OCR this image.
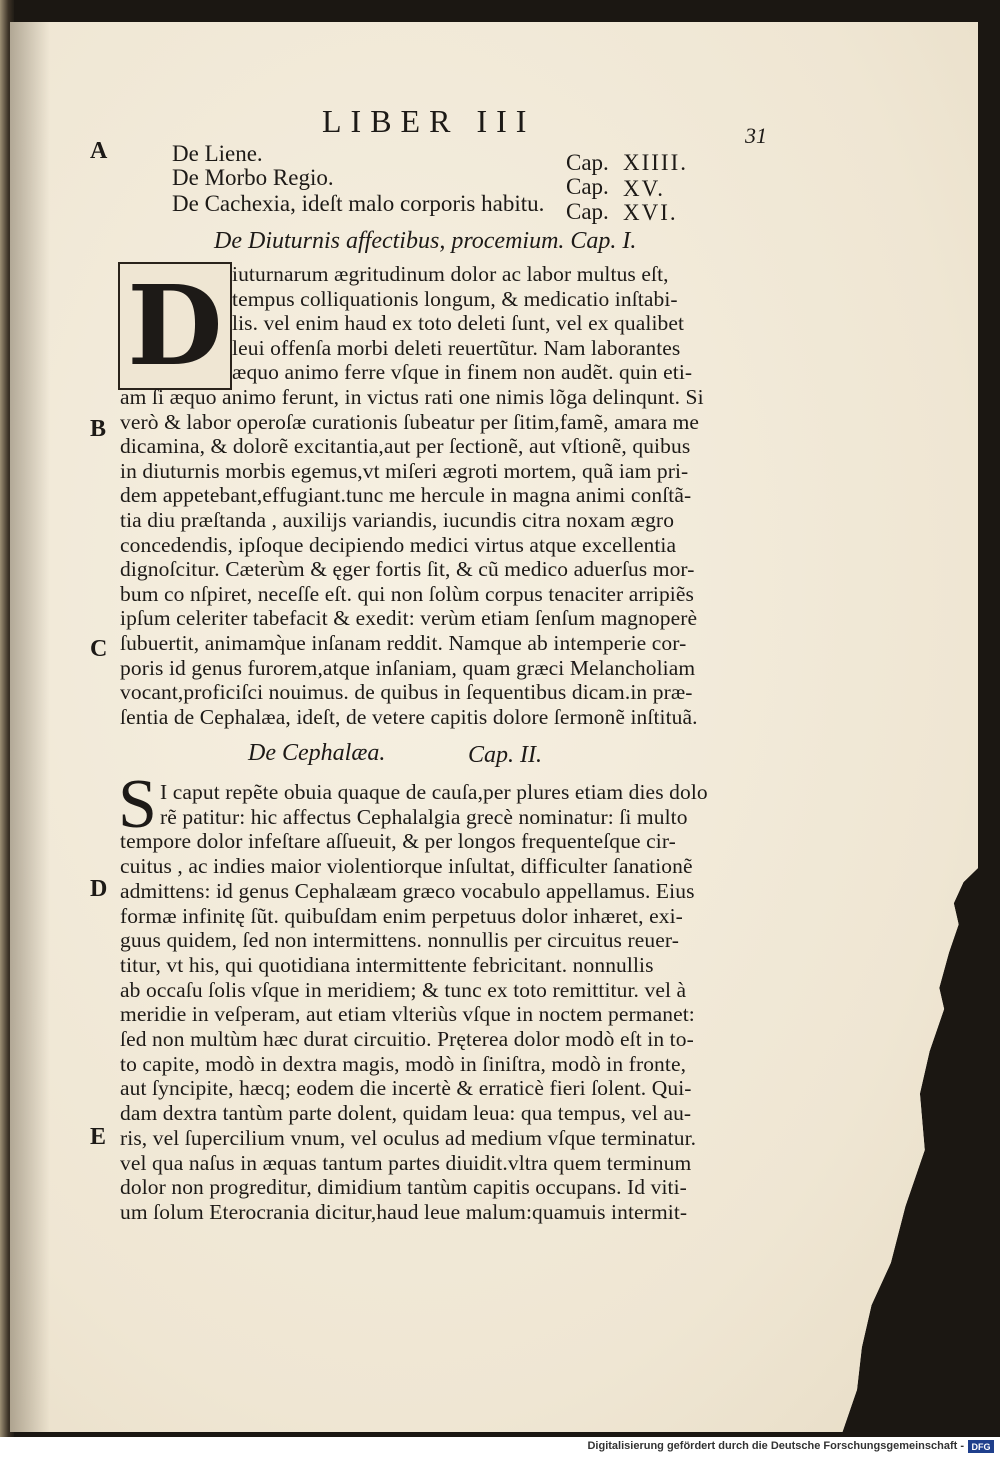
LIBER III	31
A	De Liene.	Cap. XIIII.
De Morbo Regio.	Cap. XV.
De Cachexia, ideſt malo corporis habitu. Cap. XVI.
De Diuturnis affectibus, procemium. Cap. I.
D iuturnarum ægritudinum dolor ac labor multus eſt,
tempus colliquationis longum, & medicatio inſtabi-
lis. vel enim haud ex toto deleti ſunt, vel ex qualibet
leui offenſa morbi deleti reuertũtur. Nam laborantes
æquo animo ferre vſque in finem non audẽt. quin eti-
am ſi æquo animo ferunt, in victus rati one nimis lõga delinqunt. Si
verò & labor operoſæ curationis ſubeatur per ſitim,famẽ, amara me
dicamina, & dolorẽ excitantia,aut per ſectionẽ, aut vſtionẽ, quibus
in diuturnis morbis egemus,vt miſeri ægroti mortem, quã iam pri-
dem appetebant,effugiant.tunc me hercule in magna animi conſtã-
tia diu præſtanda , auxilijs variandis, iucundis citra noxam ægro
concedendis, ipſoque decipiendo medici virtus atque excellentia
dignoſcitur. Cæterùm & ęger fortis ſit, & cũ medico aduerſus mor-
bum co nſpiret, neceſſe eſt. qui non ſolùm corpus tenaciter arripiẽs
ipſum celeriter tabefacit & exedit: verùm etiam ſenſum magnoperè
ſubuertit, animamq̀ue inſanam reddit. Namque ab intemperie cor-
poris id genus furorem,atque inſaniam, quam græci Melancholiam
vocant,proficiſci nouimus. de quibus in ſequentibus dicam.in præ-
ſentia de Cephalæa, ideſt, de vetere capitis dolore ſermonẽ inſtituã.
B
C
De Cephalæa.	Cap. II.
S I caput repẽte obuia quaque de cauſa,per plures etiam dies dolo
rẽ patitur: hic affectus Cephalalgia grecè nominatur: ſi multo
tempore dolor infeſtare aſſueuit, & per longos frequenteſque cir-
cuitus , ac indies maior violentiorque inſultat, difficulter ſanationẽ
admittens: id genus Cephalæam græco vocabulo appellamus. Eius
formæ infinitę ſũt. quibuſdam enim perpetuus dolor inhæret, exi-
guus quidem, ſed non intermittens. nonnullis per circuitus reuer-
titur, vt his, qui quotidiana intermittente febricitant. nonnullis
ab occaſu ſolis vſque in meridiem; & tunc ex toto remittitur. vel à
meridie in veſperam, aut etiam vlteriùs vſque in noctem permanet:
ſed non multùm hæc durat circuitio. Pręterea dolor modò eſt in to-
to capite, modò in dextra magis, modò in ſiniſtra, modò in fronte,
aut ſyncipite, hæcq; eodem die incertè & erraticè fieri ſolent. Qui-
dam dextra tantùm parte dolent, quidam leua: qua tempus, vel au-
ris, vel ſupercilium vnum, vel oculus ad medium vſque terminatur.
vel qua naſus in æquas tantum partes diuidit.vltra quem terminum
dolor non progreditur, dimidium tantùm capitis occupans. Id viti-
um ſolum Eterocrania dicitur,haud leue malum:quamuis intermit-
D
E
Digitalisierung gefördert durch die Deutsche Forschungsgemeinschaft - DFG
